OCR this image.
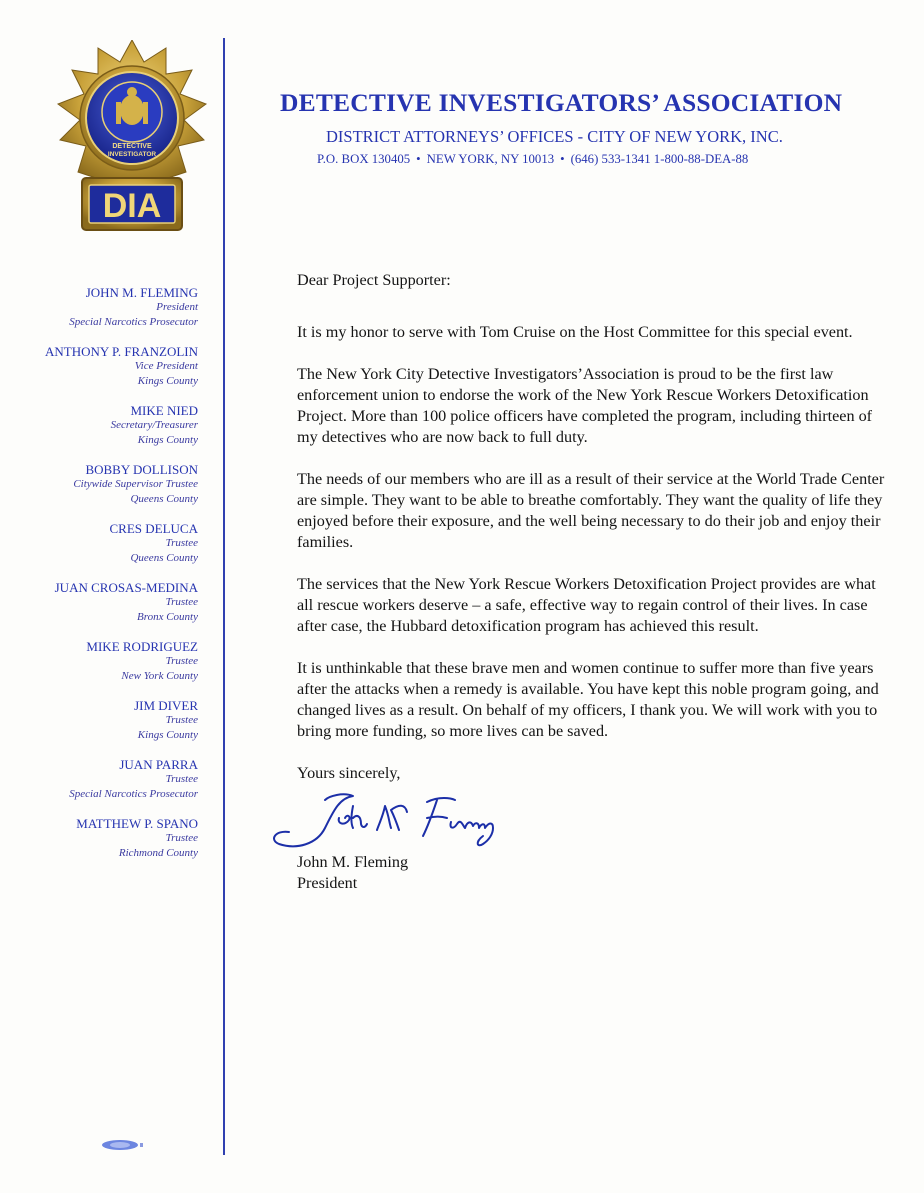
DETECTIVE
INVESTIGATOR
DIA
DETECTIVE INVESTIGATORS’ ASSOCIATION
DISTRICT ATTORNEYS’ OFFICES - CITY OF NEW YORK, INC.
P.O. BOX 130405 • NEW YORK, NY 10013 • (646) 533-1341 1-800-88-DEA-88
JOHN M. FLEMING
President
Special Narcotics Prosecutor
ANTHONY P. FRANZOLIN
Vice President
Kings County
MIKE NIED
Secretary/Treasurer
Kings County
BOBBY DOLLISON
Citywide Supervisor Trustee
Queens County
CRES DELUCA
Trustee
Queens County
JUAN CROSAS-MEDINA
Trustee
Bronx County
MIKE RODRIGUEZ
Trustee
New York County
JIM DIVER
Trustee
Kings County
JUAN PARRA
Trustee
Special Narcotics Prosecutor
MATTHEW P. SPANO
Trustee
Richmond County

Dear Project Supporter:

It is my honor to serve with Tom Cruise on the Host Committee for this special event.

The New York City Detective Investigators’Association is proud to be the first law enforcement union to endorse the work of the New York Rescue Workers Detoxification Project. More than 100 police officers have completed the program, including thirteen of my detectives who are now back to full duty.

The needs of our members who are ill as a result of their service at the World Trade Center are simple. They want to be able to breathe comfortably. They want the quality of life they enjoyed before their exposure, and the well being necessary to do their job and enjoy their families.

The services that the New York Rescue Workers Detoxification Project provides are what all rescue workers deserve – a safe, effective way to regain control of their lives. In case after case, the Hubbard detoxification program has achieved this result.

It is unthinkable that these brave men and women continue to suffer more than five years after the attacks when a remedy is available. You have kept this noble program going, and changed lives as a result. On behalf of my officers, I thank you. We will work with you to bring more funding, so more lives can be saved.

Yours sincerely,

John M. Fleming

President
